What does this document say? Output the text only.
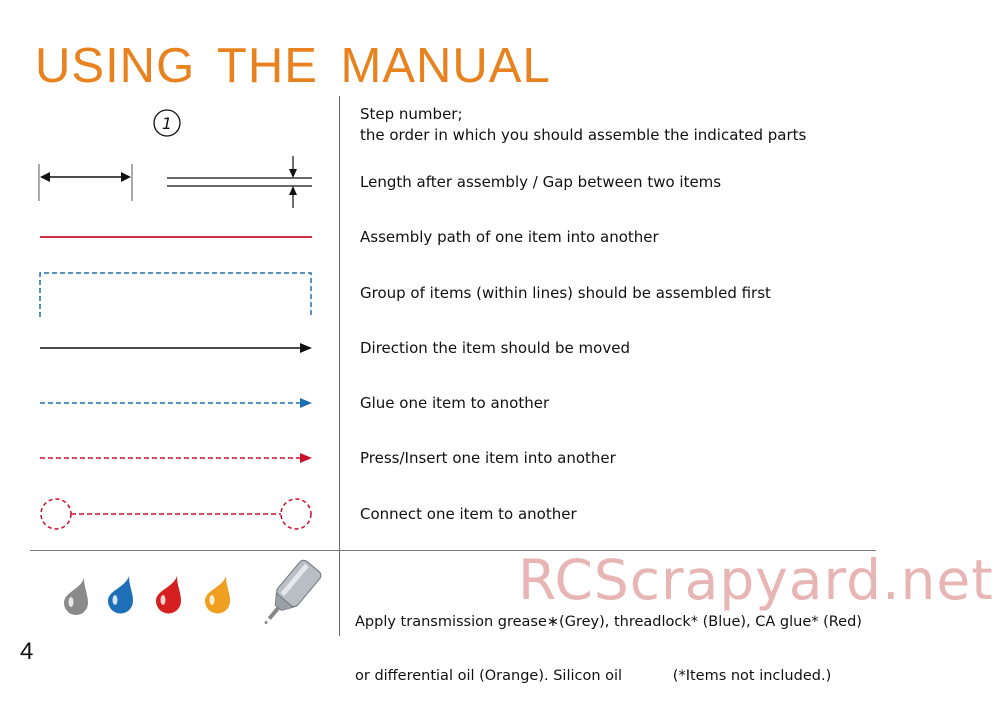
USING THE MANUAL
1	Step number;
the order in which you should assemble the indicated parts
Length after assembly / Gap between two items
Assembly path of one item into another
Group of items (within lines) should be assembled first
Direction the item should be moved
Glue one item to another
Press/Insert one item into another
Connect one item to another

Apply transmission grease∗(Grey), threadlock* (Blue), CA glue* (Red)

or differential oil (Orange). Silicon oil           (*Items not included.)

RCScrapyard.net
4
